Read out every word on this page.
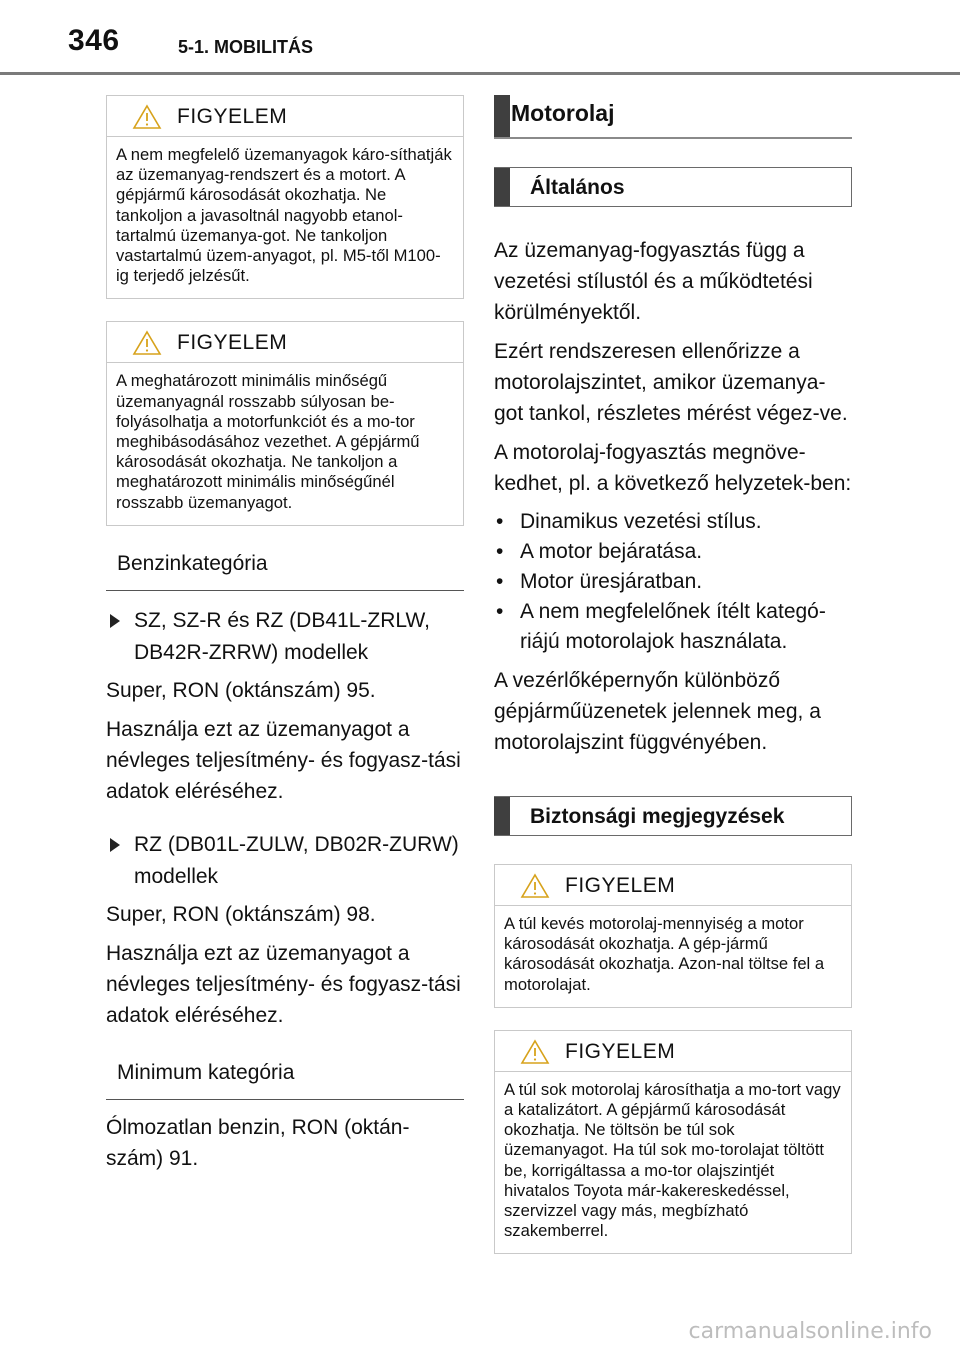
346	5-1. MOBILITÁS
FIGYELEM
A nem megfelelő üzemanyagok káro-síthatják az üzemanyag-rendszert és a motort. A gépjármű károsodását okozhatja. Ne tankoljon a javasoltnál nagyobb etanol-tartalmú üzemanya-got. Ne tankoljon vastartalmú üzem-anyagot, pl. M5-től M100-ig terjedő jelzésűt.
FIGYELEM
A meghatározott minimális minőségű üzemanyagnál rosszabb súlyosan be-folyásolhatja a motorfunkciót és a mo-tor meghibásodásához vezethet. A gépjármű károsodását okozhatja. Ne tankoljon a meghatározott minimális minőségűnél rosszabb üzemanyagot.
Benzinkategória
SZ, SZ-R és RZ (DB41L-ZRLW, DB42R-ZRRW) modellek

Super, RON (oktánszám) 95.

Használja ezt az üzemanyagot a névleges teljesítmény- és fogyasz-tási adatok eléréséhez.

RZ (DB01L-ZULW, DB02R-ZURW) modellek

Super, RON (oktánszám) 98.

Használja ezt az üzemanyagot a névleges teljesítmény- és fogyasz-tási adatok eléréséhez.

Minimum kategória

Ólmozatlan benzin, RON (oktán-szám) 91.

Motorolaj
Általános

Az üzemanyag-fogyasztás függ a vezetési stílustól és a működtetési körülményektől.

Ezért rendszeresen ellenőrizze a motorolajszintet, amikor üzemanya-got tankol, részletes mérést végez-ve.

A motorolaj-fogyasztás megnöve-kedhet, pl. a következő helyzetek-ben:

• Dinamikus vezetési stílus.
• A motor bejáratása.
• Motor üresjáratban.
• A nem megfelelőnek ítélt kategó-riájú motorolajok használata.

A vezérlőképernyőn különböző gépjárműüzenetek jelennek meg, a motorolajszint függvényében.

Biztonsági megjegyzések
FIGYELEM
A túl kevés motorolaj-mennyiség a motor károsodását okozhatja. A gép-jármű károsodását okozhatja. Azon-nal töltse fel a motorolajat.
FIGYELEM
A túl sok motorolaj károsíthatja a mo-tort vagy a katalizátort. A gépjármű károsodását okozhatja. Ne töltsön be túl sok üzemanyagot. Ha túl sok mo-torolajat töltött be, korrigáltassa a mo-tor olajszintjét hivatalos Toyota már-kakereskedéssel, szervizzel vagy más, megbízható szakemberrel.
carmanualsonline.info
